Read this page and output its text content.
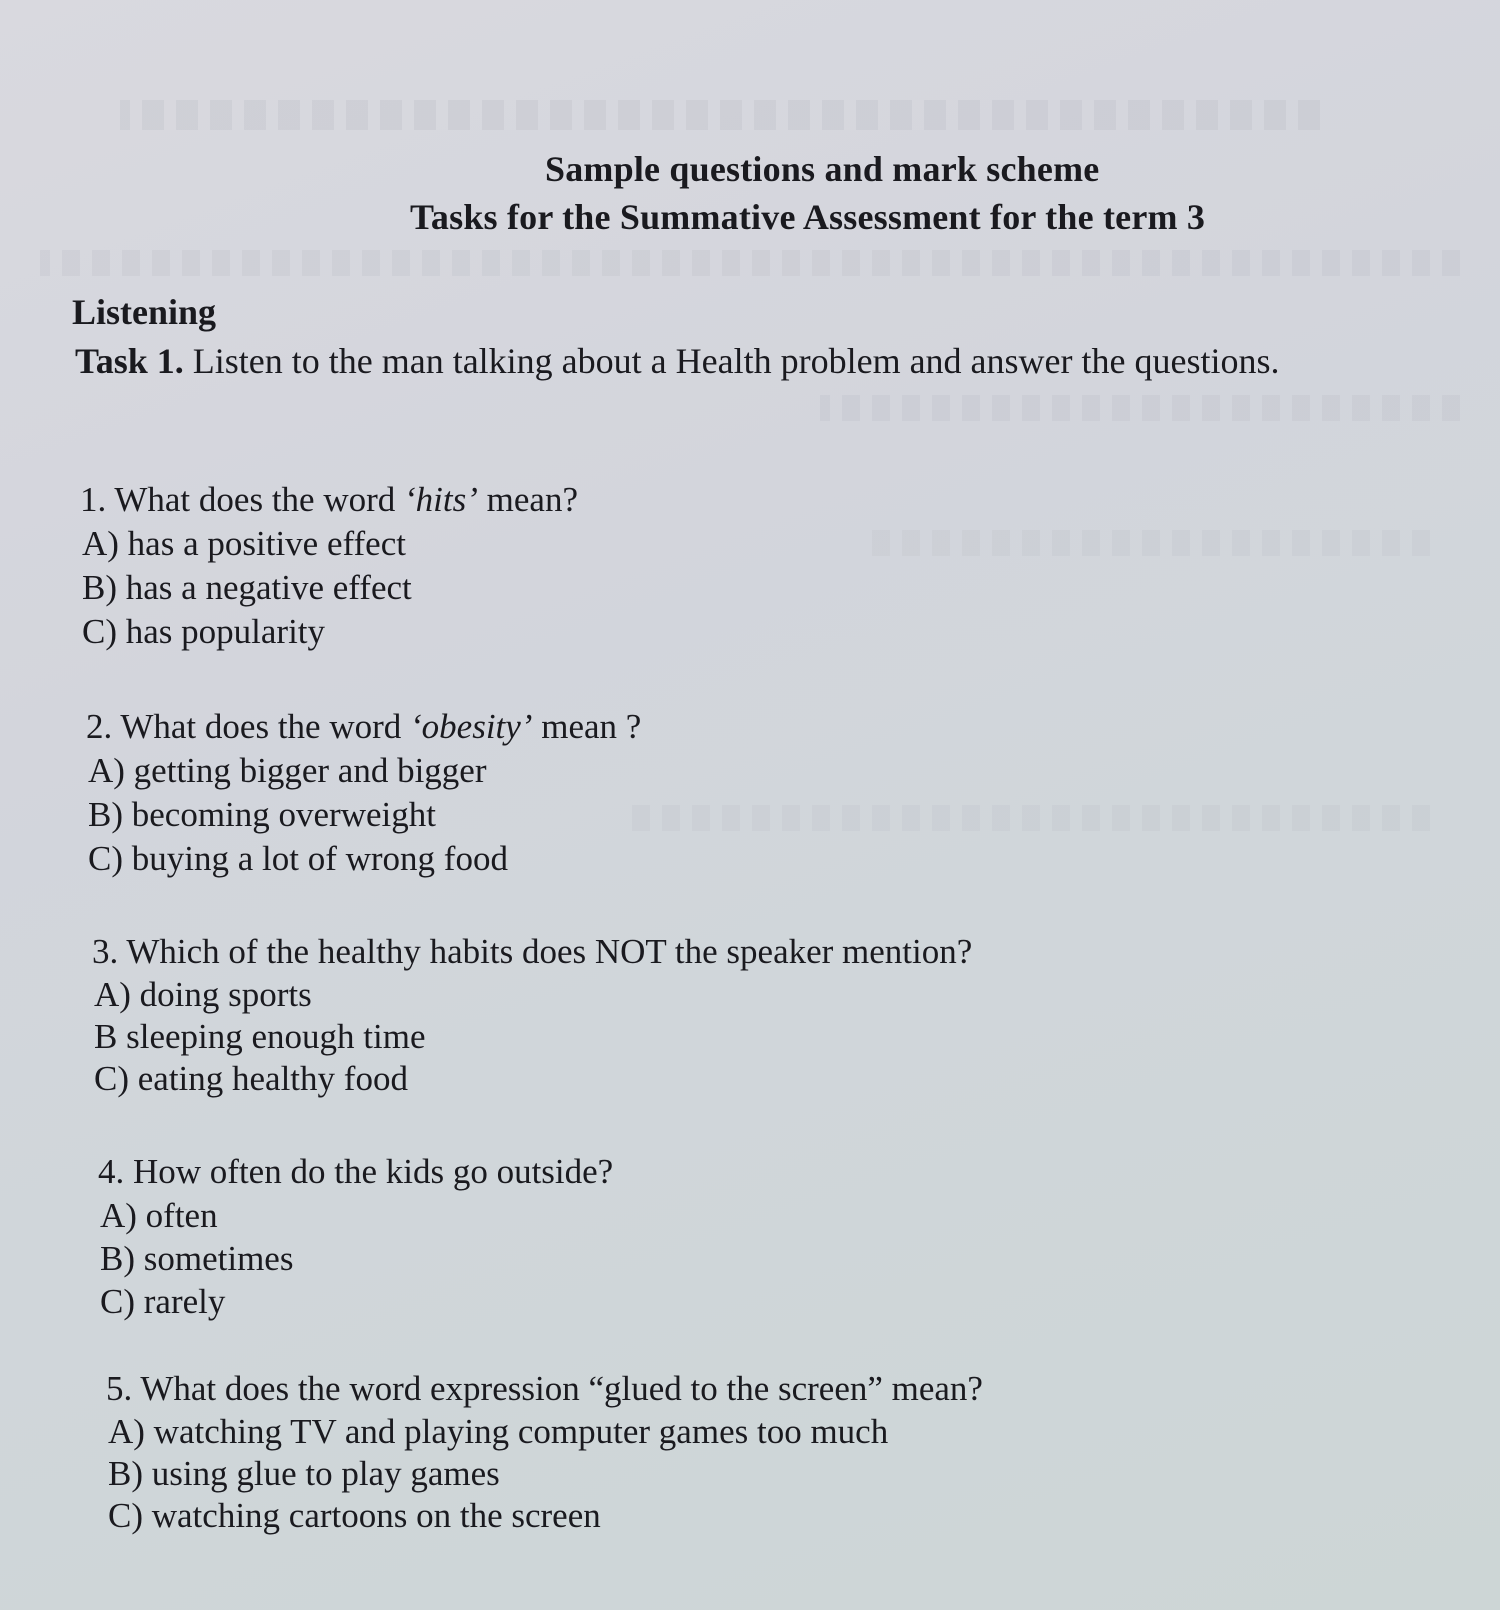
Sample questions and mark scheme
Tasks for the Summative Assessment for the term 3
Listening
Task 1. Listen to the man talking about a Health problem and answer the questions.
1. What does the word ‘hits’ mean?
A) has a positive effect
B) has a negative effect
C) has popularity
2. What does the word ‘obesity’ mean ?
A) getting bigger and bigger
B) becoming overweight
C) buying a lot of wrong food
3. Which of the healthy habits does NOT the speaker mention?
A) doing sports
B sleeping enough time
C) eating healthy food
4. How often do the kids go outside?
A) often
B) sometimes
C) rarely
5. What does the word expression “glued to the screen” mean?
A) watching TV and playing computer games too much
B) using glue to play games
C) watching cartoons on the screen
